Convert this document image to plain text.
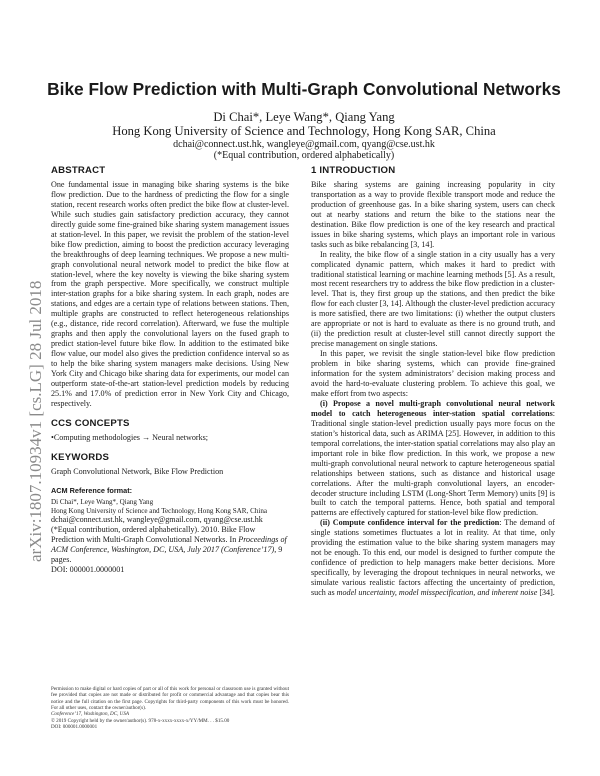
arXiv:1807.10934v1 [cs.LG] 28 Jul 2018
Bike Flow Prediction with Multi-Graph Convolutional Networks
Di Chai*, Leye Wang*, Qiang Yang
Hong Kong University of Science and Technology, Hong Kong SAR, China
dchai@connect.ust.hk, wangleye@gmail.com, qyang@cse.ust.hk
(*Equal contribution, ordered alphabetically)
ABSTRACT

One fundamental issue in managing bike sharing systems is the bike flow prediction. Due to the hardness of predicting the flow for a single station, recent research works often predict the bike flow at cluster-level. While such studies gain satisfactory prediction accuracy, they cannot directly guide some fine-grained bike sharing system management issues at station-level. In this paper, we revisit the problem of the station-level bike flow prediction, aiming to boost the prediction accuracy leveraging the breakthroughs of deep learning techniques. We propose a new multi-graph convolutional neural network model to predict the bike flow at station-level, where the key novelty is viewing the bike sharing system from the graph perspective. More specifically, we construct multiple inter-station graphs for a bike sharing system. In each graph, nodes are stations, and edges are a certain type of relations between stations. Then, multiple graphs are constructed to reflect heterogeneous relationships (e.g., distance, ride record correlation). Afterward, we fuse the multiple graphs and then apply the convolutional layers on the fused graph to predict station-level future bike flow. In addition to the estimated bike flow value, our model also gives the prediction confidence interval so as to help the bike sharing system managers make decisions. Using New York City and Chicago bike sharing data for experiments, our model can outperform state-of-the-art station-level prediction models by reducing 25.1% and 17.0% of prediction error in New York City and Chicago, respectively.

CCS CONCEPTS

•Computing methodologies → Neural networks;

KEYWORDS

Graph Convolutional Network, Bike Flow Prediction

ACM Reference format:
Di Chai*, Leye Wang*, Qiang Yang
Hong Kong University of Science and Technology, Hong Kong SAR, China
dchai@connect.ust.hk, wangleye@gmail.com, qyang@cse.ust.hk (*Equal contribution, ordered alphabetically). 2010. Bike Flow Prediction with Multi-Graph Convolutional Networks. In Proceedings of ACM Conference, Washington, DC, USA, July 2017 (Conference’17), 9 pages.
DOI: 000001.0000001

Permission to make digital or hard copies of part or all of this work for personal or classroom use is granted without fee provided that copies are not made or distributed for profit or commercial advantage and that copies bear this notice and the full citation on the first page. Copyrights for third-party components of this work must be honored. For all other uses, contact the owner/author(s).

Conference’17, Washington, DC, USA
© 2019 Copyright held by the owner/author(s). 978-x-xxxx-xxxx-x/YY/MM. . . $15.00
DOI: 000001.0000001
1 INTRODUCTION

Bike sharing systems are gaining increasing popularity in city transportation as a way to provide flexible transport mode and reduce the production of greenhouse gas. In a bike sharing system, users can check out at nearby stations and return the bike to the stations near the destination. Bike flow prediction is one of the key research and practical issues in bike sharing systems, which plays an important role in various tasks such as bike rebalancing [3, 14].

In reality, the bike flow of a single station in a city usually has a very complicated dynamic pattern, which makes it hard to predict with traditional statistical learning or machine learning methods [5]. As a result, most recent researchers try to address the bike flow prediction in a cluster-level. That is, they first group up the stations, and then predict the bike flow for each cluster [3, 14]. Although the cluster-level prediction accuracy is more satisfied, there are two limitations: (i) whether the output clusters are appropriate or not is hard to evaluate as there is no ground truth, and (ii) the prediction result at cluster-level still cannot directly support the precise management on single stations.

In this paper, we revisit the single station-level bike flow prediction problem in bike sharing systems, which can provide fine-grained information for the system administrators’ decision making process and avoid the hard-to-evaluate clustering problem. To achieve this goal, we make effort from two aspects:

(i) Propose a novel multi-graph convolutional neural network model to catch heterogeneous inter-station spatial correlations: Traditional single station-level prediction usually pays more focus on the station’s historical data, such as ARIMA [25]. However, in addition to this temporal correlations, the inter-station spatial correlations may also play an important role in bike flow prediction. In this work, we propose a new multi-graph convolutional neural network to capture heterogeneous spatial relationships between stations, such as distance and historical usage correlations. After the multi-graph convolutional layers, an encoder-decoder structure including LSTM (Long-Short Term Memory) units [9] is built to catch the temporal patterns. Hence, both spatial and temporal patterns are effectively captured for station-level bike flow prediction.

(ii) Compute confidence interval for the prediction: The demand of single stations sometimes fluctuates a lot in reality. At that time, only providing the estimation value to the bike sharing system managers may not be enough. To this end, our model is designed to further compute the confidence of prediction to help managers make better decisions. More specifically, by leveraging the dropout techniques in neural networks, we simulate various realistic factors affecting the uncertainty of prediction, such as model uncertainty, model misspecification, and inherent noise [34].
